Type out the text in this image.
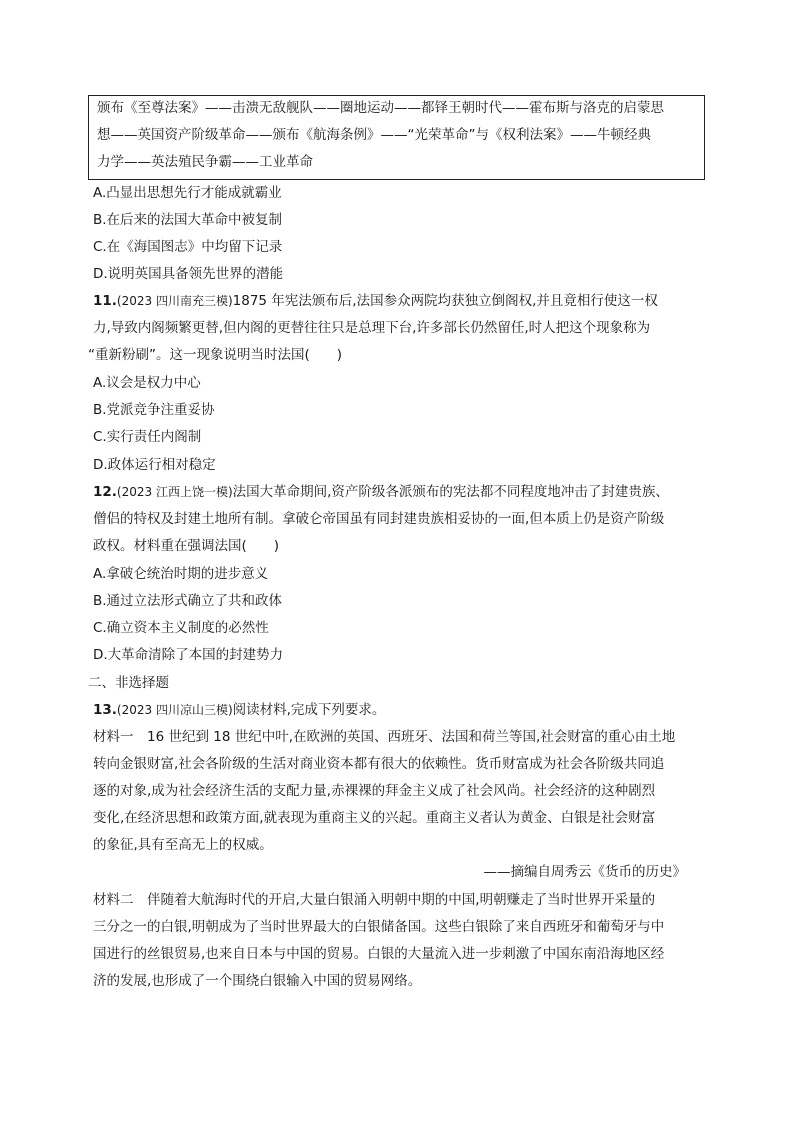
颁布《至尊法案》——击溃无敌舰队——圈地运动——都铎王朝时代——霍布斯与洛克的启蒙思
想——英国资产阶级革命——颁布《航海条例》——“光荣革命”与《权利法案》——牛顿经典
力学——英法殖民争霸——工业革命
A.凸显出思想先行才能成就霸业
B.在后来的法国大革命中被复制
C.在《海国图志》中均留下记录
D.说明英国具备领先世界的潜能
11.(2023 四川南充三模)1875 年宪法颁布后,法国参众两院均获独立倒阁权,并且竟相行使这一权
力,导致内阁频繁更替,但内阁的更替往往只是总理下台,许多部长仍然留任,时人把这个现象称为
“重新粉刷”。这一现象说明当时法国(　　)
A.议会是权力中心
B.党派竞争注重妥协
C.实行责任内阁制
D.政体运行相对稳定
12.(2023 江西上饶一模)法国大革命期间,资产阶级各派颁布的宪法都不同程度地冲击了封建贵族、
僧侣的特权及封建土地所有制。拿破仑帝国虽有同封建贵族相妥协的一面,但本质上仍是资产阶级
政权。材料重在强调法国(　　)
A.拿破仑统治时期的进步意义
B.通过立法形式确立了共和政体
C.确立资本主义制度的必然性
D.大革命清除了本国的封建势力
二、非选择题
13.(2023 四川凉山三模)阅读材料,完成下列要求。
材料一　16 世纪到 18 世纪中叶,在欧洲的英国、西班牙、法国和荷兰等国,社会财富的重心由土地
转向金银财富,社会各阶级的生活对商业资本都有很大的依赖性。货币财富成为社会各阶级共同追
逐的对象,成为社会经济生活的支配力量,赤裸裸的拜金主义成了社会风尚。社会经济的这种剧烈
变化,在经济思想和政策方面,就表现为重商主义的兴起。重商主义者认为黄金、白银是社会财富
的象征,具有至高无上的权威。
——摘编自周秀云《货币的历史》
材料二　伴随着大航海时代的开启,大量白银涌入明朝中期的中国,明朝赚走了当时世界开采量的
三分之一的白银,明朝成为了当时世界最大的白银储备国。这些白银除了来自西班牙和葡萄牙与中
国进行的丝银贸易,也来自日本与中国的贸易。白银的大量流入进一步刺激了中国东南沿海地区经
济的发展,也形成了一个围绕白银输入中国的贸易网络。
